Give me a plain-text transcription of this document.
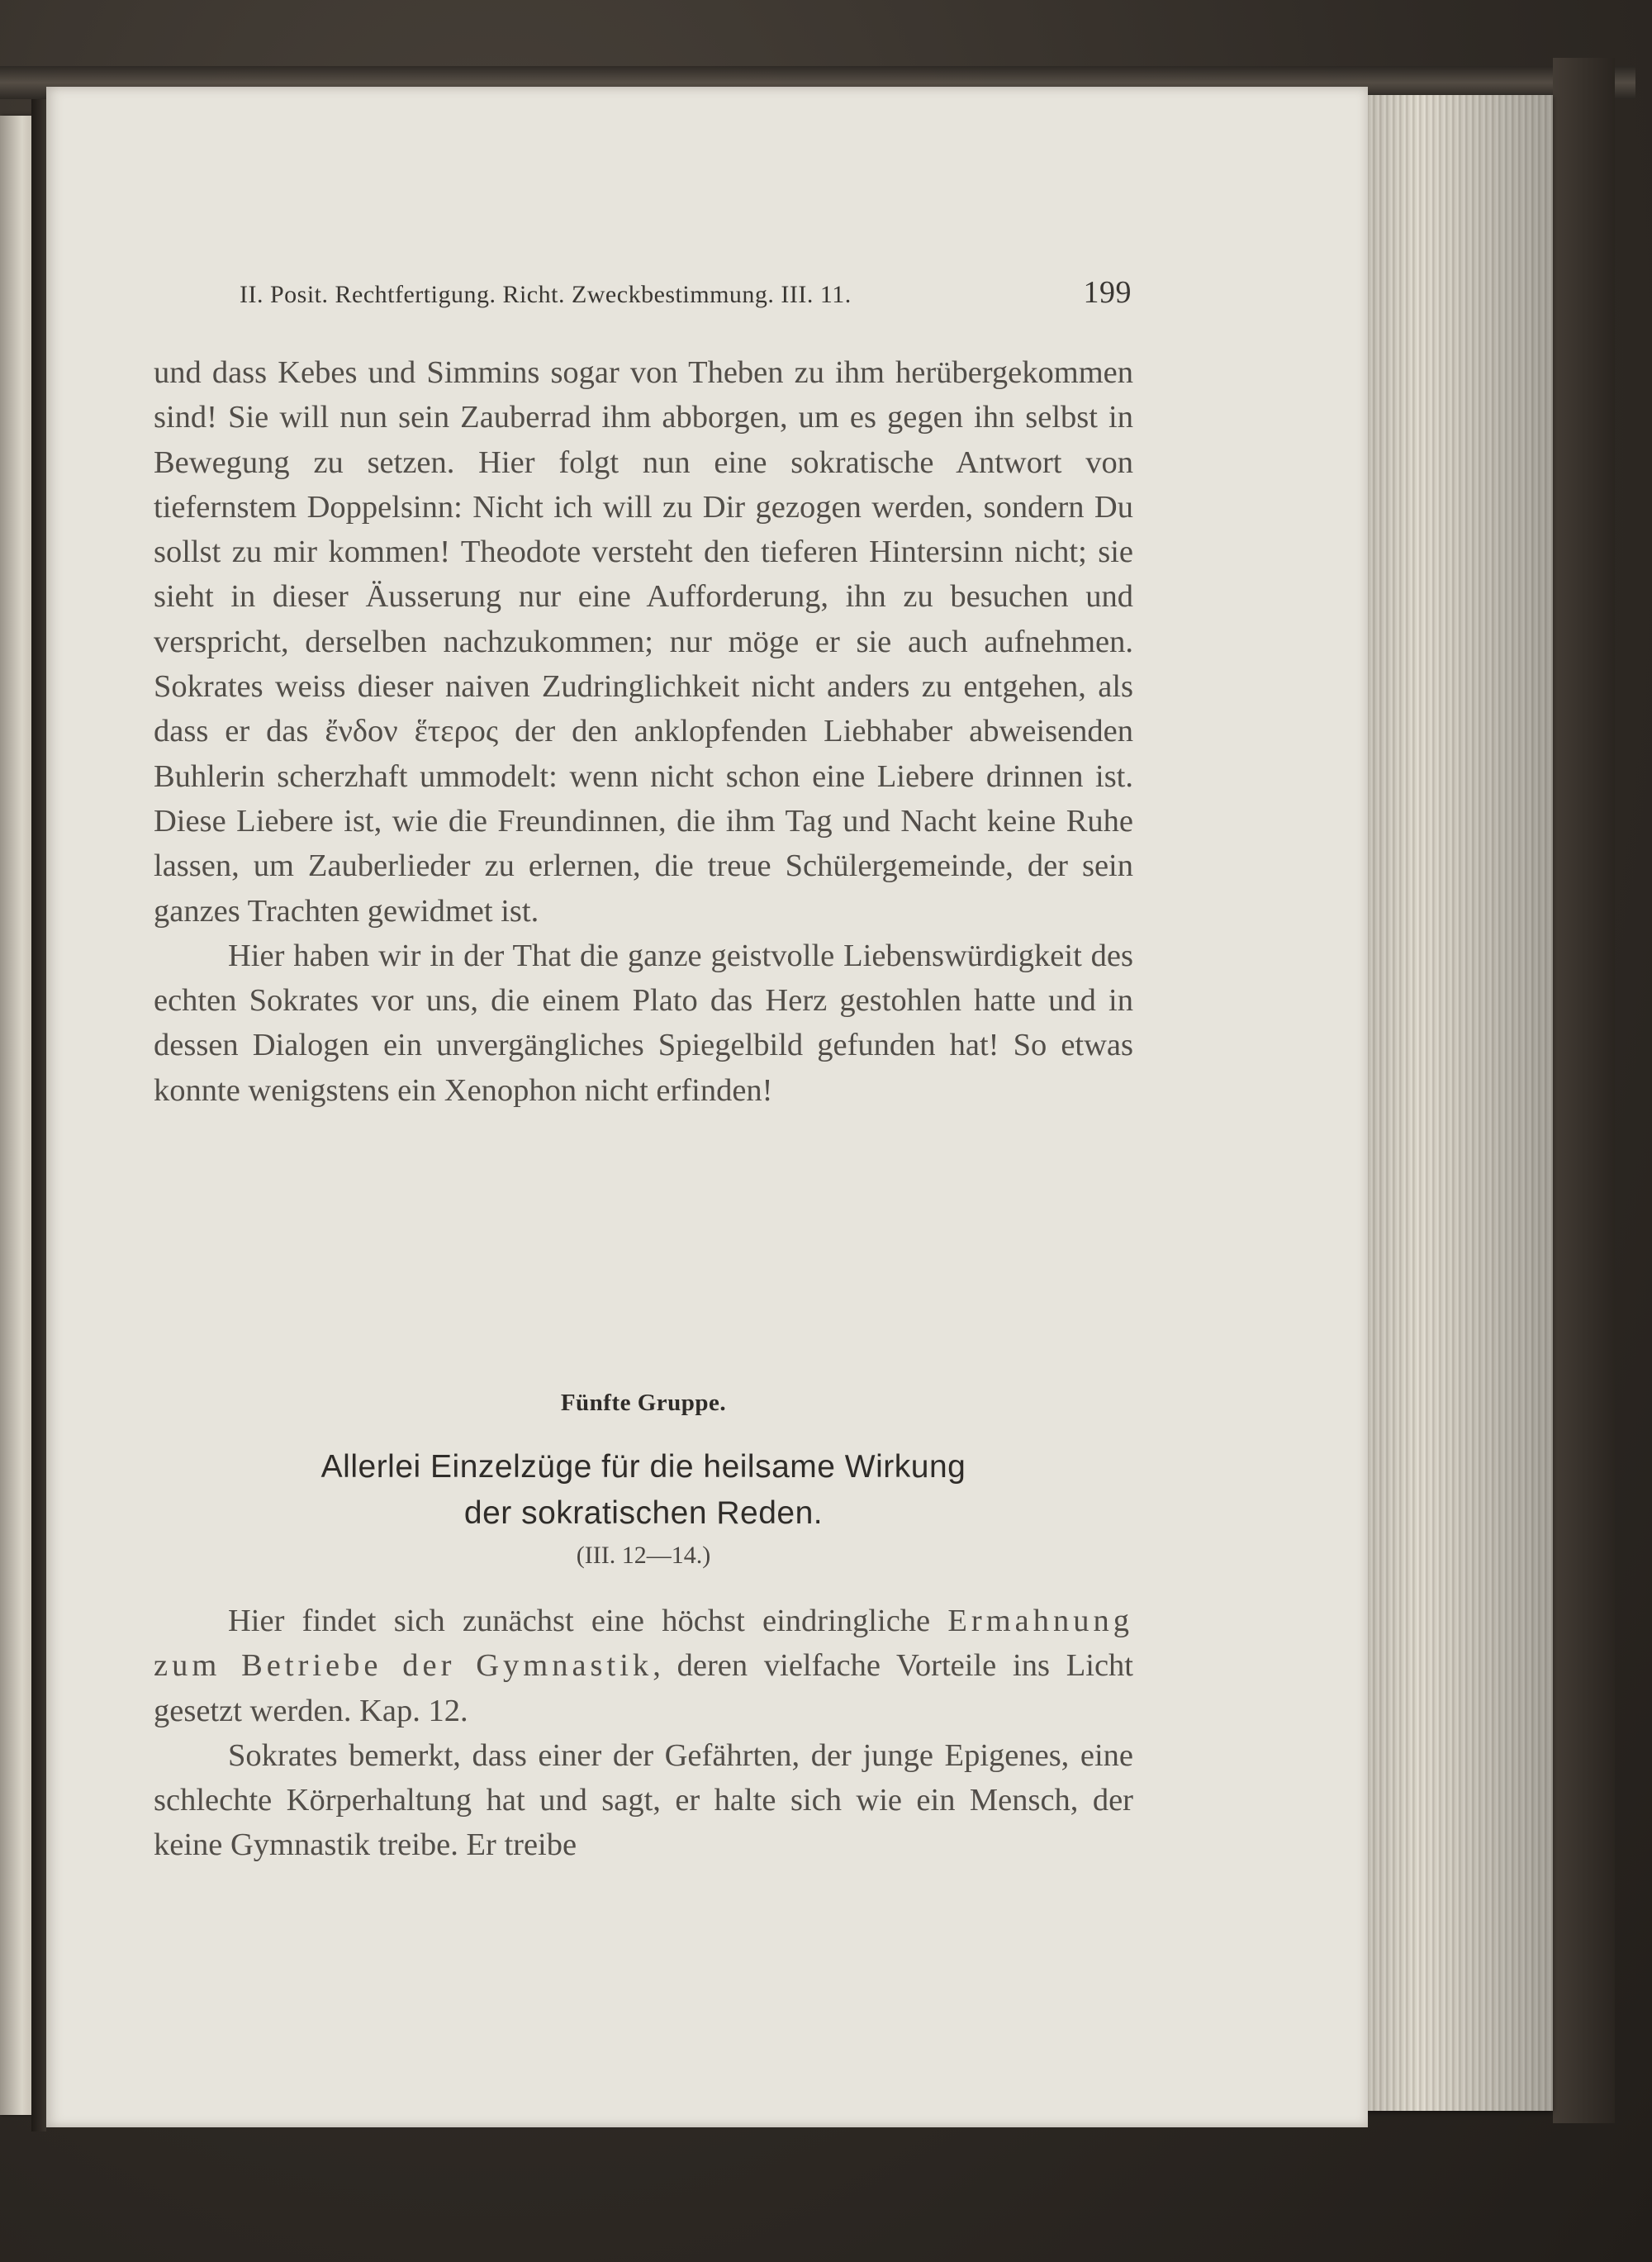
II. Posit. Rechtfertigung. Richt. Zweckbestimmung. III. 11.	199

und dass Kebes und Simmins sogar von Theben zu ihm herübergekommen sind! Sie will nun sein Zauberrad ihm abborgen, um es gegen ihn selbst in Bewegung zu setzen. Hier folgt nun eine sokratische Antwort von tiefernstem Doppelsinn: Nicht ich will zu Dir gezogen werden, sondern Du sollst zu mir kommen! Theodote versteht den tieferen Hintersinn nicht; sie sieht in dieser Äusserung nur eine Aufforderung, ihn zu besuchen und verspricht, derselben nachzukommen; nur möge er sie auch aufnehmen. Sokrates weiss dieser naiven Zudringlichkeit nicht anders zu entgehen, als dass er das ἔνδον ἕτερος der den anklopfenden Liebhaber abweisenden Buhlerin scherzhaft ummodelt: wenn nicht schon eine Liebere drinnen ist. Diese Liebere ist, wie die Freundinnen, die ihm Tag und Nacht keine Ruhe lassen, um Zauberlieder zu erlernen, die treue Schülergemeinde, der sein ganzes Trachten gewidmet ist.

Hier haben wir in der That die ganze geistvolle Liebenswürdigkeit des echten Sokrates vor uns, die einem Plato das Herz gestohlen hatte und in dessen Dialogen ein unvergängliches Spiegelbild gefunden hat! So etwas konnte wenigstens ein Xenophon nicht erfinden!

Fünfte Gruppe.
Allerlei Einzelzüge für die heilsame Wirkung
der sokratischen Reden.
(III. 12—14.)

Hier findet sich zunächst eine höchst eindringliche Ermahnung zum Betriebe der Gymnastik, deren vielfache Vorteile ins Licht gesetzt werden. Kap. 12.

Sokrates bemerkt, dass einer der Gefährten, der junge Epigenes, eine schlechte Körperhaltung hat und sagt, er halte sich wie ein Mensch, der keine Gymnastik treibe. Er treibe
